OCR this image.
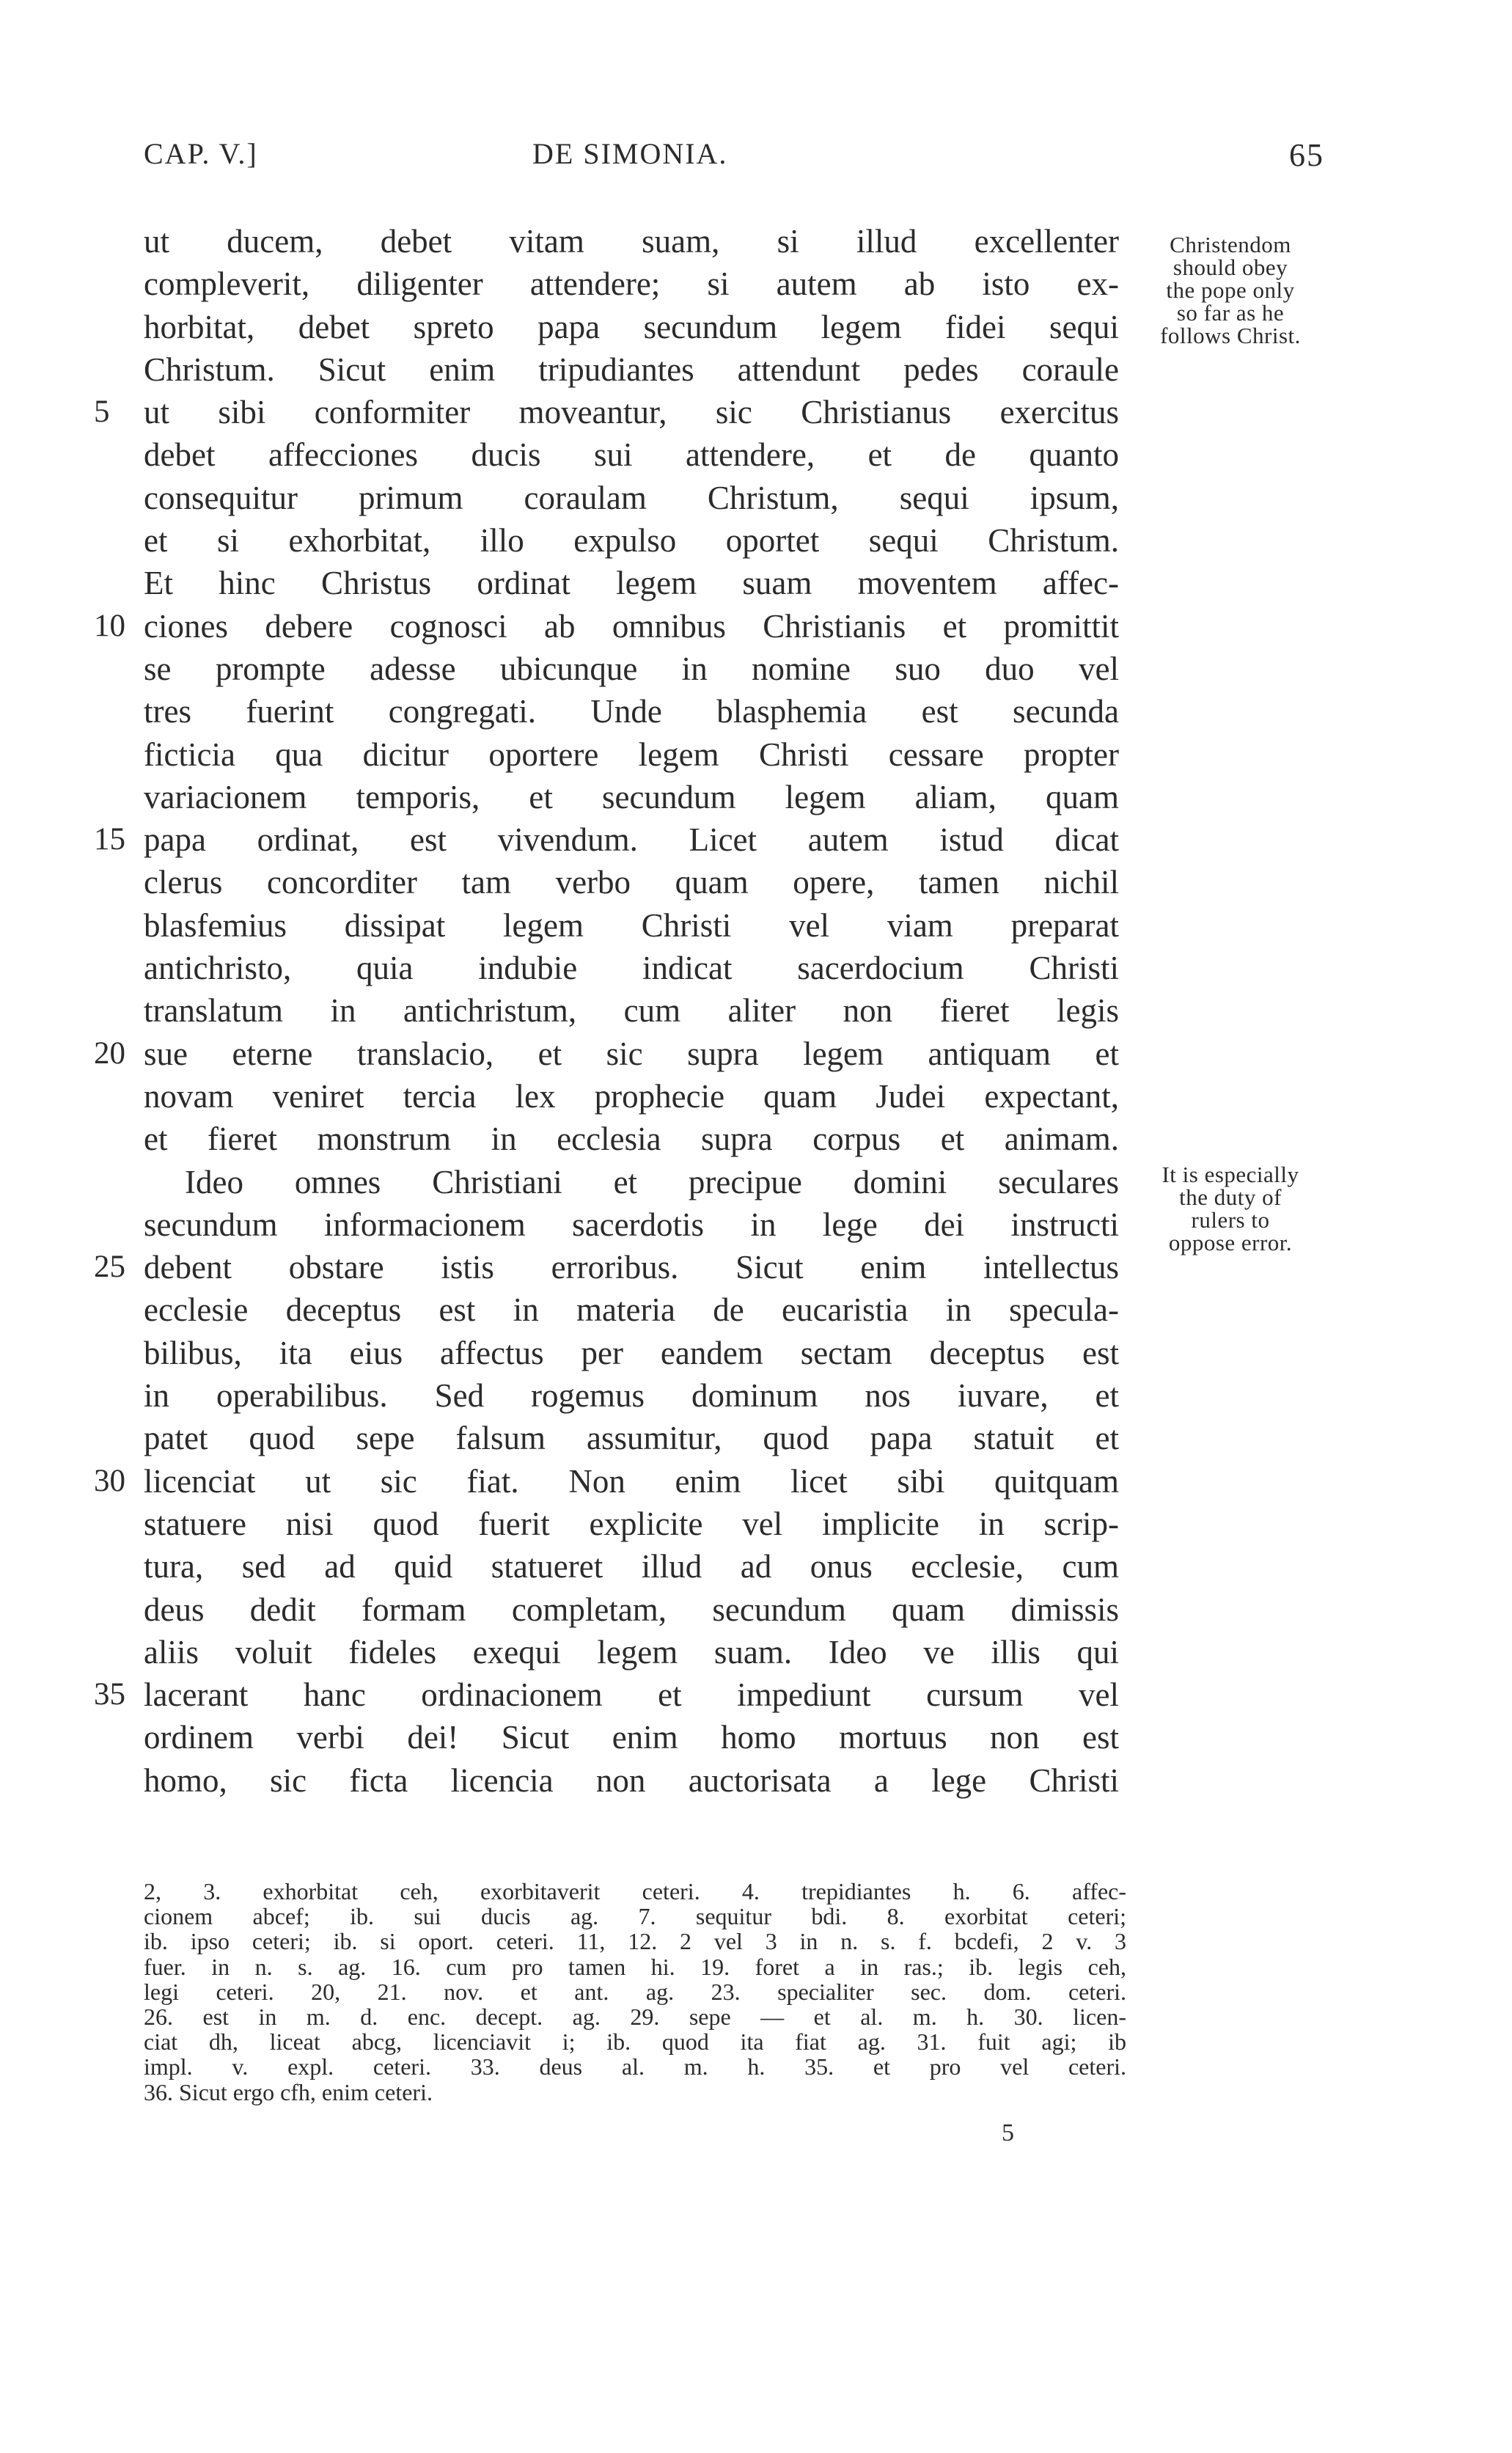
CAP. V.]	DE SIMONIA.	65
ut ducem, debet vitam suam, si illud excellenter
compleverit, diligenter attendere; si autem ab isto ex-
horbitat, debet spreto papa secundum legem fidei sequi
Christum. Sicut enim tripudiantes attendunt pedes coraule
5	ut sibi conformiter moveantur, sic Christianus exercitus
debet affecciones ducis sui attendere, et de quanto
consequitur primum coraulam Christum, sequi ipsum,
et si exhorbitat, illo expulso oportet sequi Christum.
Et hinc Christus ordinat legem suam moventem affec-
10 ciones debere cognosci ab omnibus Christianis et promittit
se prompte adesse ubicunque in nomine suo duo vel
tres fuerint congregati. Unde blasphemia est secunda
ficticia qua dicitur oportere legem Christi cessare propter
variacionem temporis, et secundum legem aliam, quam
15 papa ordinat, est vivendum. Licet autem istud dicat
clerus concorditer tam verbo quam opere, tamen nichil
blasfemius dissipat legem Christi vel viam preparat
antichristo, quia indubie indicat sacerdocium Christi
translatum in antichristum, cum aliter non fieret legis
20 sue eterne translacio, et sic supra legem antiquam et
novam veniret tercia lex prophecie quam Judei expectant,
et fieret monstrum in ecclesia supra corpus et animam.
Ideo omnes Christiani et precipue domini seculares
secundum informacionem sacerdotis in lege dei instructi
25 debent obstare istis erroribus. Sicut enim intellectus
ecclesie deceptus est in materia de eucaristia in specula-
bilibus, ita eius affectus per eandem sectam deceptus est
in operabilibus. Sed rogemus dominum nos iuvare, et
patet quod sepe falsum assumitur, quod papa statuit et
30 licenciat ut sic fiat. Non enim licet sibi quitquam
statuere nisi quod fuerit explicite vel implicite in scrip-
tura, sed ad quid statueret illud ad onus ecclesie, cum
deus dedit formam completam, secundum quam dimissis
aliis voluit fideles exequi legem suam. Ideo ve illis qui
35 lacerant hanc ordinacionem et impediunt cursum vel
ordinem verbi dei! Sicut enim homo mortuus non est
homo, sic ficta licencia non auctorisata a lege Christi
Christendom
should obey
the pope only
so far as he
follows Christ.
It is especially
the duty of
rulers to
oppose error.
2, 3. exhorbitat ceh, exorbitaverit ceteri. 4. trepidiantes h. 6. affec-
cionem abcef; ib. sui ducis ag. 7. sequitur bdi. 8. exorbitat ceteri;
ib. ipso ceteri; ib. si oport. ceteri. 11, 12. 2 vel 3 in n. s. f. bcdefi, 2 v. 3
fuer. in n. s. ag. 16. cum pro tamen hi. 19. foret a in ras.; ib. legis ceh,
legi ceteri. 20, 21. nov. et ant. ag. 23. specialiter sec. dom. ceteri.
26. est in m. d. enc. decept. ag. 29. sepe — et al. m. h. 30. licen-
ciat dh, liceat abcg, licenciavit i; ib. quod ita fiat ag. 31. fuit agi; ib
impl. v. expl. ceteri. 33. deus al. m. h. 35. et pro vel ceteri.
36. Sicut ergo cfh, enim ceteri.
5
